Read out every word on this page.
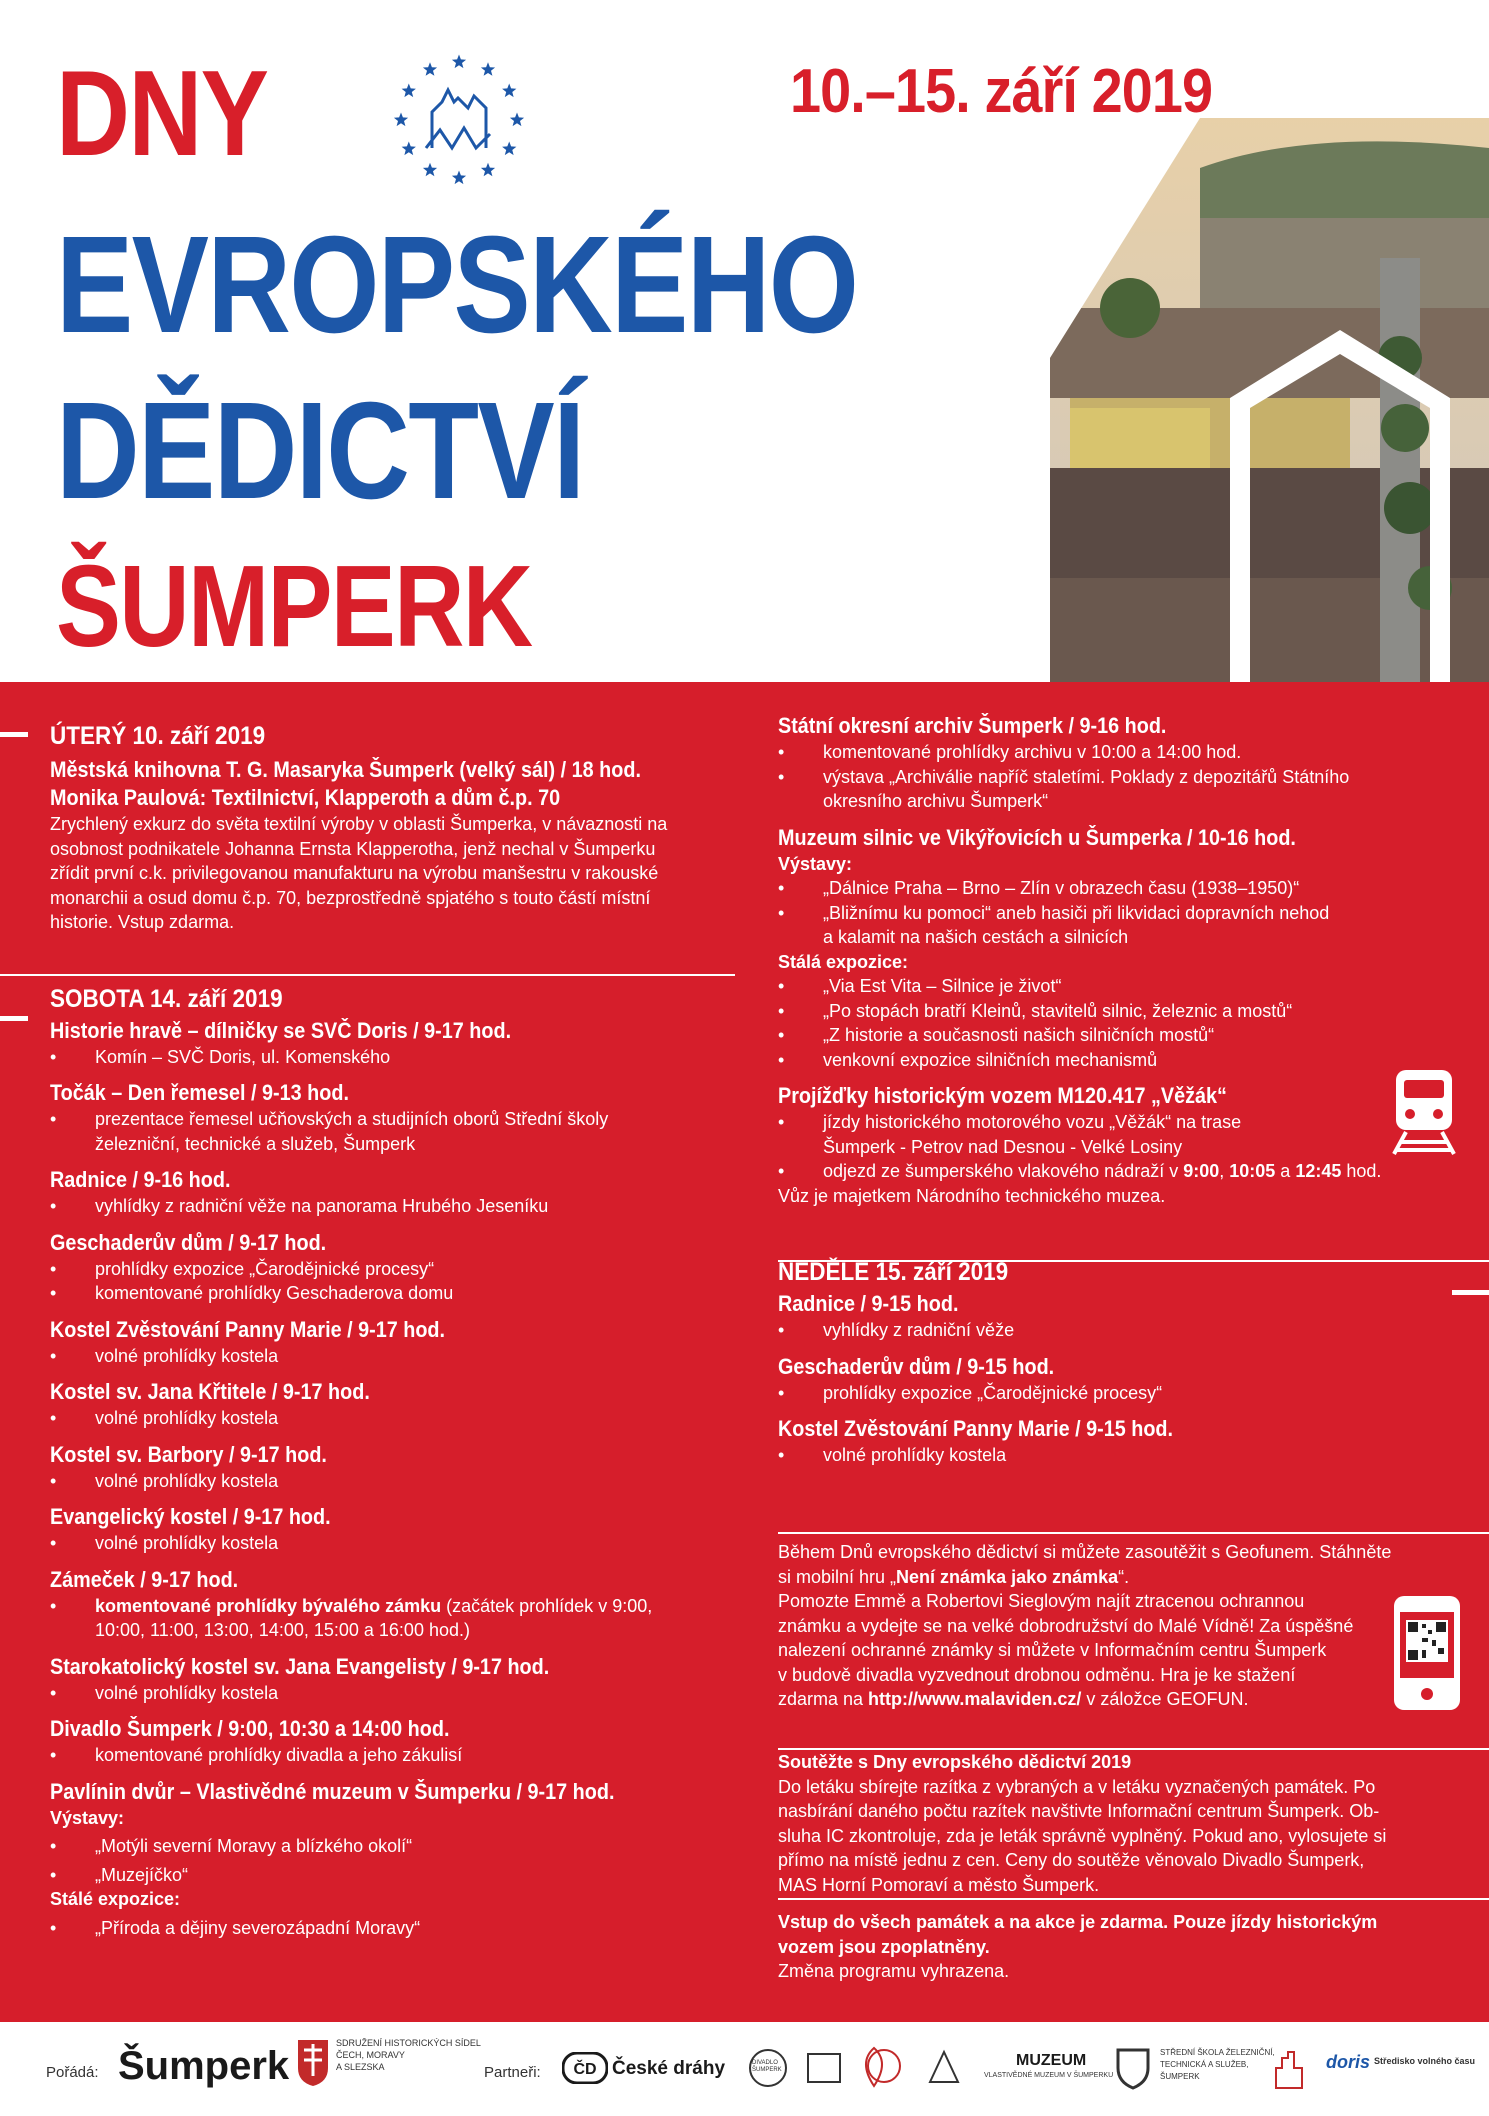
DNY	10.–15. září 2019
EVROPSKÉHO
DĚDICTVÍ
ŠUMPERK
ÚTERÝ 10. září 2019
Městská knihovna T. G. Masaryka Šumperk (velký sál) / 18 hod.
Monika Paulová: Textilnictví, Klapperoth a dům č.p. 70
Zrychlený exkurz do světa textilní výroby v oblasti Šumperka, v návaznosti na
osobnost podnikatele Johanna Ernsta Klapperotha, jenž nechal v Šumperku
zřídit první c.k. privilegovanou manufakturu na výrobu manšestru v rakouské
monarchii a osud domu č.p. 70, bezprostředně spjatého s touto částí místní
historie. Vstup zdarma.
SOBOTA 14. září 2019
Historie hravě – dílničky se SVČ Doris / 9-17 hod.
• Komín – SVČ Doris, ul. Komenského
Točák – Den řemesel / 9-13 hod.
• prezentace řemesel učňovských a studijních oborů Střední školy
železniční, technické a služeb, Šumperk
Radnice / 9-16 hod.
• vyhlídky z radniční věže na panorama Hrubého Jeseníku
Geschaderův dům / 9-17 hod.
• prohlídky expozice „Čarodějnické procesy“
• komentované prohlídky Geschaderova domu
Kostel Zvěstování Panny Marie / 9-17 hod.
• volné prohlídky kostela
Kostel sv. Jana Křtitele / 9-17 hod.
• volné prohlídky kostela
Kostel sv. Barbory / 9-17 hod.
• volné prohlídky kostela
Evangelický kostel / 9-17 hod.
• volné prohlídky kostela
Zámeček / 9-17 hod.
• komentované prohlídky bývalého zámku (začátek prohlídek v 9:00,
10:00, 11:00, 13:00, 14:00, 15:00 a 16:00 hod.)
Starokatolický kostel sv. Jana Evangelisty / 9-17 hod.
• volné prohlídky kostela
Divadlo Šumperk / 9:00, 10:30 a 14:00 hod.
• komentované prohlídky divadla a jeho zákulisí
Pavlínin dvůr – Vlastivědné muzeum v Šumperku / 9-17 hod.
Výstavy:
• „Motýli severní Moravy a blízkého okolí“
• „Muzejíčko“
Stálé expozice:
• „Příroda a dějiny severozápadní Moravy“
Státní okresní archiv Šumperk / 9-16 hod.
• komentované prohlídky archivu v 10:00 a 14:00 hod.
• výstava „Archiválie napříč staletími. Poklady z depozitářů Státního
okresního archivu Šumperk“
Muzeum silnic ve Vikýřovicích u Šumperka / 10-16 hod.
Výstavy:
• „Dálnice Praha – Brno – Zlín v obrazech času (1938–1950)“
• „Bližnímu ku pomoci“ aneb hasiči při likvidaci dopravních nehod
a kalamit na našich cestách a silnicích
Stálá expozice:
• „Via Est Vita – Silnice je život“
• „Po stopách bratří Kleinů, stavitelů silnic, železnic a mostů“
• „Z historie a současnosti našich silničních mostů“
• venkovní expozice silničních mechanismů
Projížďky historickým vozem M120.417 „Věžák“
• jízdy historického motorového vozu „Věžák“ na trase
Šumperk - Petrov nad Desnou - Velké Losiny
• odjezd ze šumperského vlakového nádraží v 9:00, 10:05 a 12:45 hod.
Vůz je majetkem Národního technického muzea.
NEDĚLE 15. září 2019
Radnice / 9-15 hod.
• vyhlídky z radniční věže
Geschaderův dům / 9-15 hod.
• prohlídky expozice „Čarodějnické procesy“
Kostel Zvěstování Panny Marie / 9-15 hod.
• volné prohlídky kostela
Během Dnů evropského dědictví si můžete zasoutěžit s Geofunem. Stáhněte
si mobilní hru „Není známka jako známka“.
Pomozte Emmě a Robertovi Sieglovým najít ztracenou ochrannou
známku a vydejte se na velké dobrodružství do Malé Vídně! Za úspěšné
nalezení ochranné známky si můžete v Informačním centru Šumperk
v budově divadla vyzvednout drobnou odměnu. Hra je ke stažení
zdarma na http://www.malaviden.cz/ v záložce GEOFUN.
Soutěžte s Dny evropského dědictví 2019
Do letáku sbírejte razítka z vybraných a v letáku vyznačených památek. Po
nasbírání daného počtu razítek navštivte Informační centrum Šumperk. Ob-
sluha IC zkontroluje, zda je leták správně vyplněný. Pokud ano, vylosujete si
přímo na místě jednu z cen. Ceny do soutěže věnovalo Divadlo Šumperk,
MAS Horní Pomoraví a město Šumperk.
Vstup do všech památek a na akce je zdarma. Pouze jízdy historickým
vozem jsou zpoplatněny.
Změna programu vyhrazena.
Pořádá: Šumperk
SDRUŽENÍ HISTORICKÝCH SÍDEL
ČECH, MORAVY
A SLEZSKA	Partneři: ČD České dráhy	DIVADLO ŠUMPERK
MUZEUM
VLASTIVĚDNÉ MUZEUM V ŠUMPERKU
STŘEDNÍ ŠKOLA ŽELEZNIČNÍ,
TECHNICKÁ A SLUŽEB,
ŠUMPERK
doris Středisko volného času
